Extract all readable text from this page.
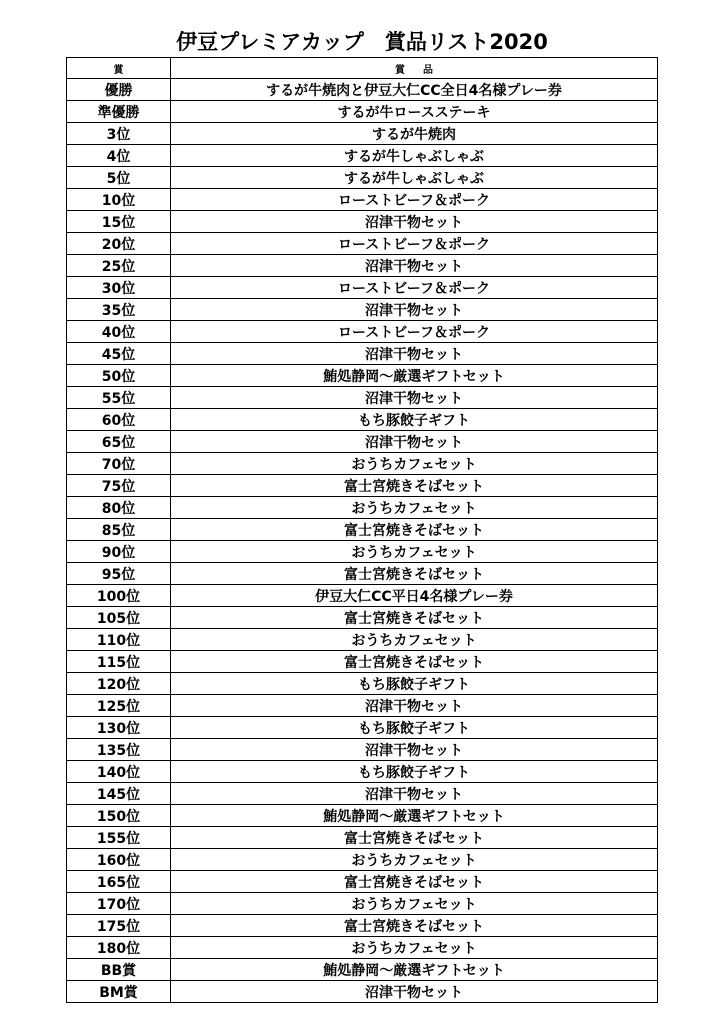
伊豆プレミアカップ　賞品リスト2020
賞	賞品
優勝	するが牛焼肉と伊豆大仁CC全日4名様プレー券
準優勝	するが牛ロースステーキ
3位	するが牛焼肉
4位	するが牛しゃぶしゃぶ
5位	するが牛しゃぶしゃぶ
10位	ローストビーフ＆ポーク
15位	沼津干物セット
20位	ローストビーフ＆ポーク
25位	沼津干物セット
30位	ローストビーフ＆ポーク
35位	沼津干物セット
40位	ローストビーフ＆ポーク
45位	沼津干物セット
50位	鮪処静岡～厳選ギフトセット
55位	沼津干物セット
60位	もち豚餃子ギフト
65位	沼津干物セット
70位	おうちカフェセット
75位	富士宮焼きそばセット
80位	おうちカフェセット
85位	富士宮焼きそばセット
90位	おうちカフェセット
95位	富士宮焼きそばセット
100位	伊豆大仁CC平日4名様プレー券
105位	富士宮焼きそばセット
110位	おうちカフェセット
115位	富士宮焼きそばセット
120位	もち豚餃子ギフト
125位	沼津干物セット
130位	もち豚餃子ギフト
135位	沼津干物セット
140位	もち豚餃子ギフト
145位	沼津干物セット
150位	鮪処静岡～厳選ギフトセット
155位	富士宮焼きそばセット
160位	おうちカフェセット
165位	富士宮焼きそばセット
170位	おうちカフェセット
175位	富士宮焼きそばセット
180位	おうちカフェセット
BB賞	鮪処静岡～厳選ギフトセット
BM賞	沼津干物セット
